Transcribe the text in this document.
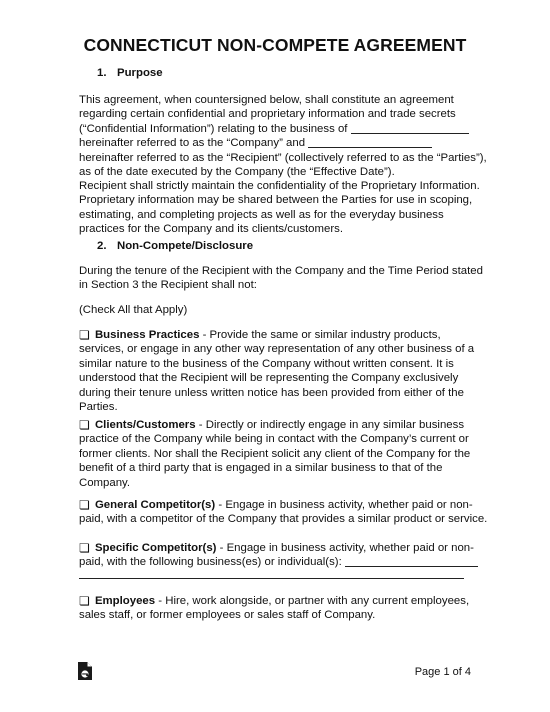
CONNECTICUT NON-COMPETE AGREEMENT
1. Purpose
This agreement, when countersigned below, shall constitute an agreement
regarding certain confidential and proprietary information and trade secrets
(“Confidential Information”) relating to the business of
hereinafter referred to as the “Company” and
hereinafter referred to as the “Recipient” (collectively referred to as the “Parties”),
as of the date executed by the Company (the “Effective Date”).
Recipient shall strictly maintain the confidentiality of the Proprietary Information.
Proprietary information may be shared between the Parties for use in scoping,
estimating, and completing projects as well as for the everyday business
practices for the Company and its clients/customers.
2. Non-Compete/Disclosure
During the tenure of the Recipient with the Company and the Time Period stated
in Section 3 the Recipient shall not:
(Check All that Apply)
❏ Business Practices - Provide the same or similar industry products,
services, or engage in any other way representation of any other business of a
similar nature to the business of the Company without written consent. It is
understood that the Recipient will be representing the Company exclusively
during their tenure unless written notice has been provided from either of the
Parties.
❏ Clients/Customers - Directly or indirectly engage in any similar business
practice of the Company while being in contact with the Company’s current or
former clients. Nor shall the Recipient solicit any client of the Company for the
benefit of a third party that is engaged in a similar business to that of the
Company.
❏ General Competitor(s) - Engage in business activity, whether paid or non-
paid, with a competitor of the Company that provides a similar product or service.
❏ Specific Competitor(s) - Engage in business activity, whether paid or non-
paid, with the following business(es) or individual(s):
❏ Employees - Hire, work alongside, or partner with any current employees,
sales staff, or former employees or sales staff of Company.
Page 1 of 4
